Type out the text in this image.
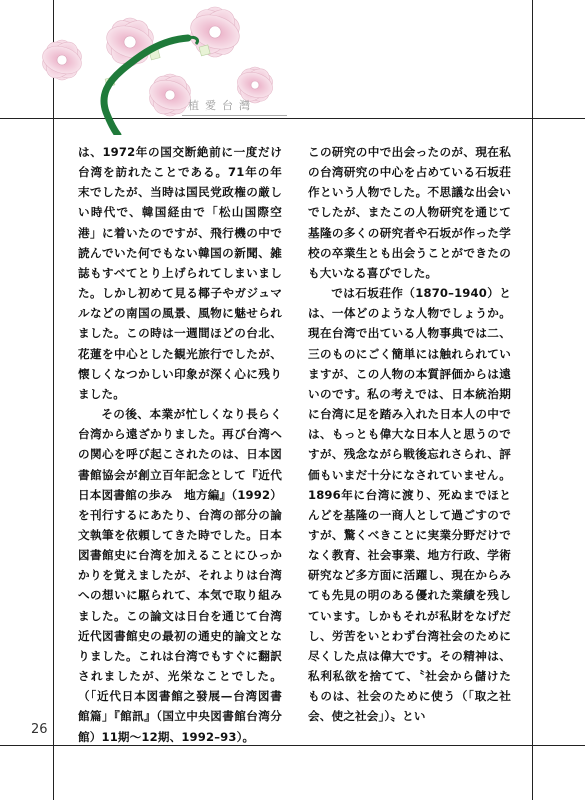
植愛台灣

は、1972年の国交断絶前に一度だけ台湾を訪れたことである。71年の年末でしたが、当時は国民党政権の厳しい時代で、韓国経由で「松山国際空港」に着いたのですが、飛行機の中で読んでいた何でもない韓国の新聞、雑誌もすべてとり上げられてしまいました。しかし初めて見る椰子やガジュマルなどの南国の風景、風物に魅せられました。この時は一週間ほどの台北、花蓮を中心とした観光旅行でしたが、懐しくなつかしい印象が深く心に残りました。

その後、本業が忙しくなり長らく台湾から遠ざかりました。再び台湾への関心を呼び起こされたのは、日本図書館協会が創立百年記念として『近代日本図書館の歩み　地方編』（1992）を刊行するにあたり、台湾の部分の論文執筆を依頼してきた時でした。日本図書館史に台湾を加えることにひっかかりを覚えましたが、それよりは台湾への想いに駆られて、本気で取り組みました。この論文は日台を通じて台湾近代図書館史の最初の通史的論文となりました。これは台湾でもすぐに翻訳されましたが、光栄なことでした。（「近代日本図書館之發展—台湾図書館篇」『館訊』（国立中央図書館台湾分館）11期〜12期、1992–93）。

この研究の中で出会ったのが、現在私の台湾研究の中心を占めている石坂荘作という人物でした。不思議な出会いでしたが、またこの人物研究を通じて基隆の多くの研究者や石坂が作った学校の卒業生とも出会うことができたのも大いなる喜びでした。

では石坂荘作（1870–1940）とは、一体どのような人物でしょうか。現在台湾で出ている人物事典では二、三のものにごく簡単には触れられていますが、この人物の本質評価からは遠いのです。私の考えでは、日本統治期に台湾に足を踏み入れた日本人の中では、もっとも偉大な日本人と思うのですが、残念ながら戦後忘れさられ、評価もいまだ十分になされていません。1896年に台湾に渡り、死ぬまでほとんどを基隆の一商人として過ごすのですが、驚くべきことに実業分野だけでなく教育、社会事業、地方行政、学術研究など多方面に活躍し、現在からみても先見の明のある優れた業績を残しています。しかもそれが私財をなげだし、労苦をいとわず台湾社会のために尽くした点は偉大です。その精神は、私利私欲を捨てて、〝社会から儲けたものは、社会のために使う（「取之社会、使之社会」）〟とい

26
